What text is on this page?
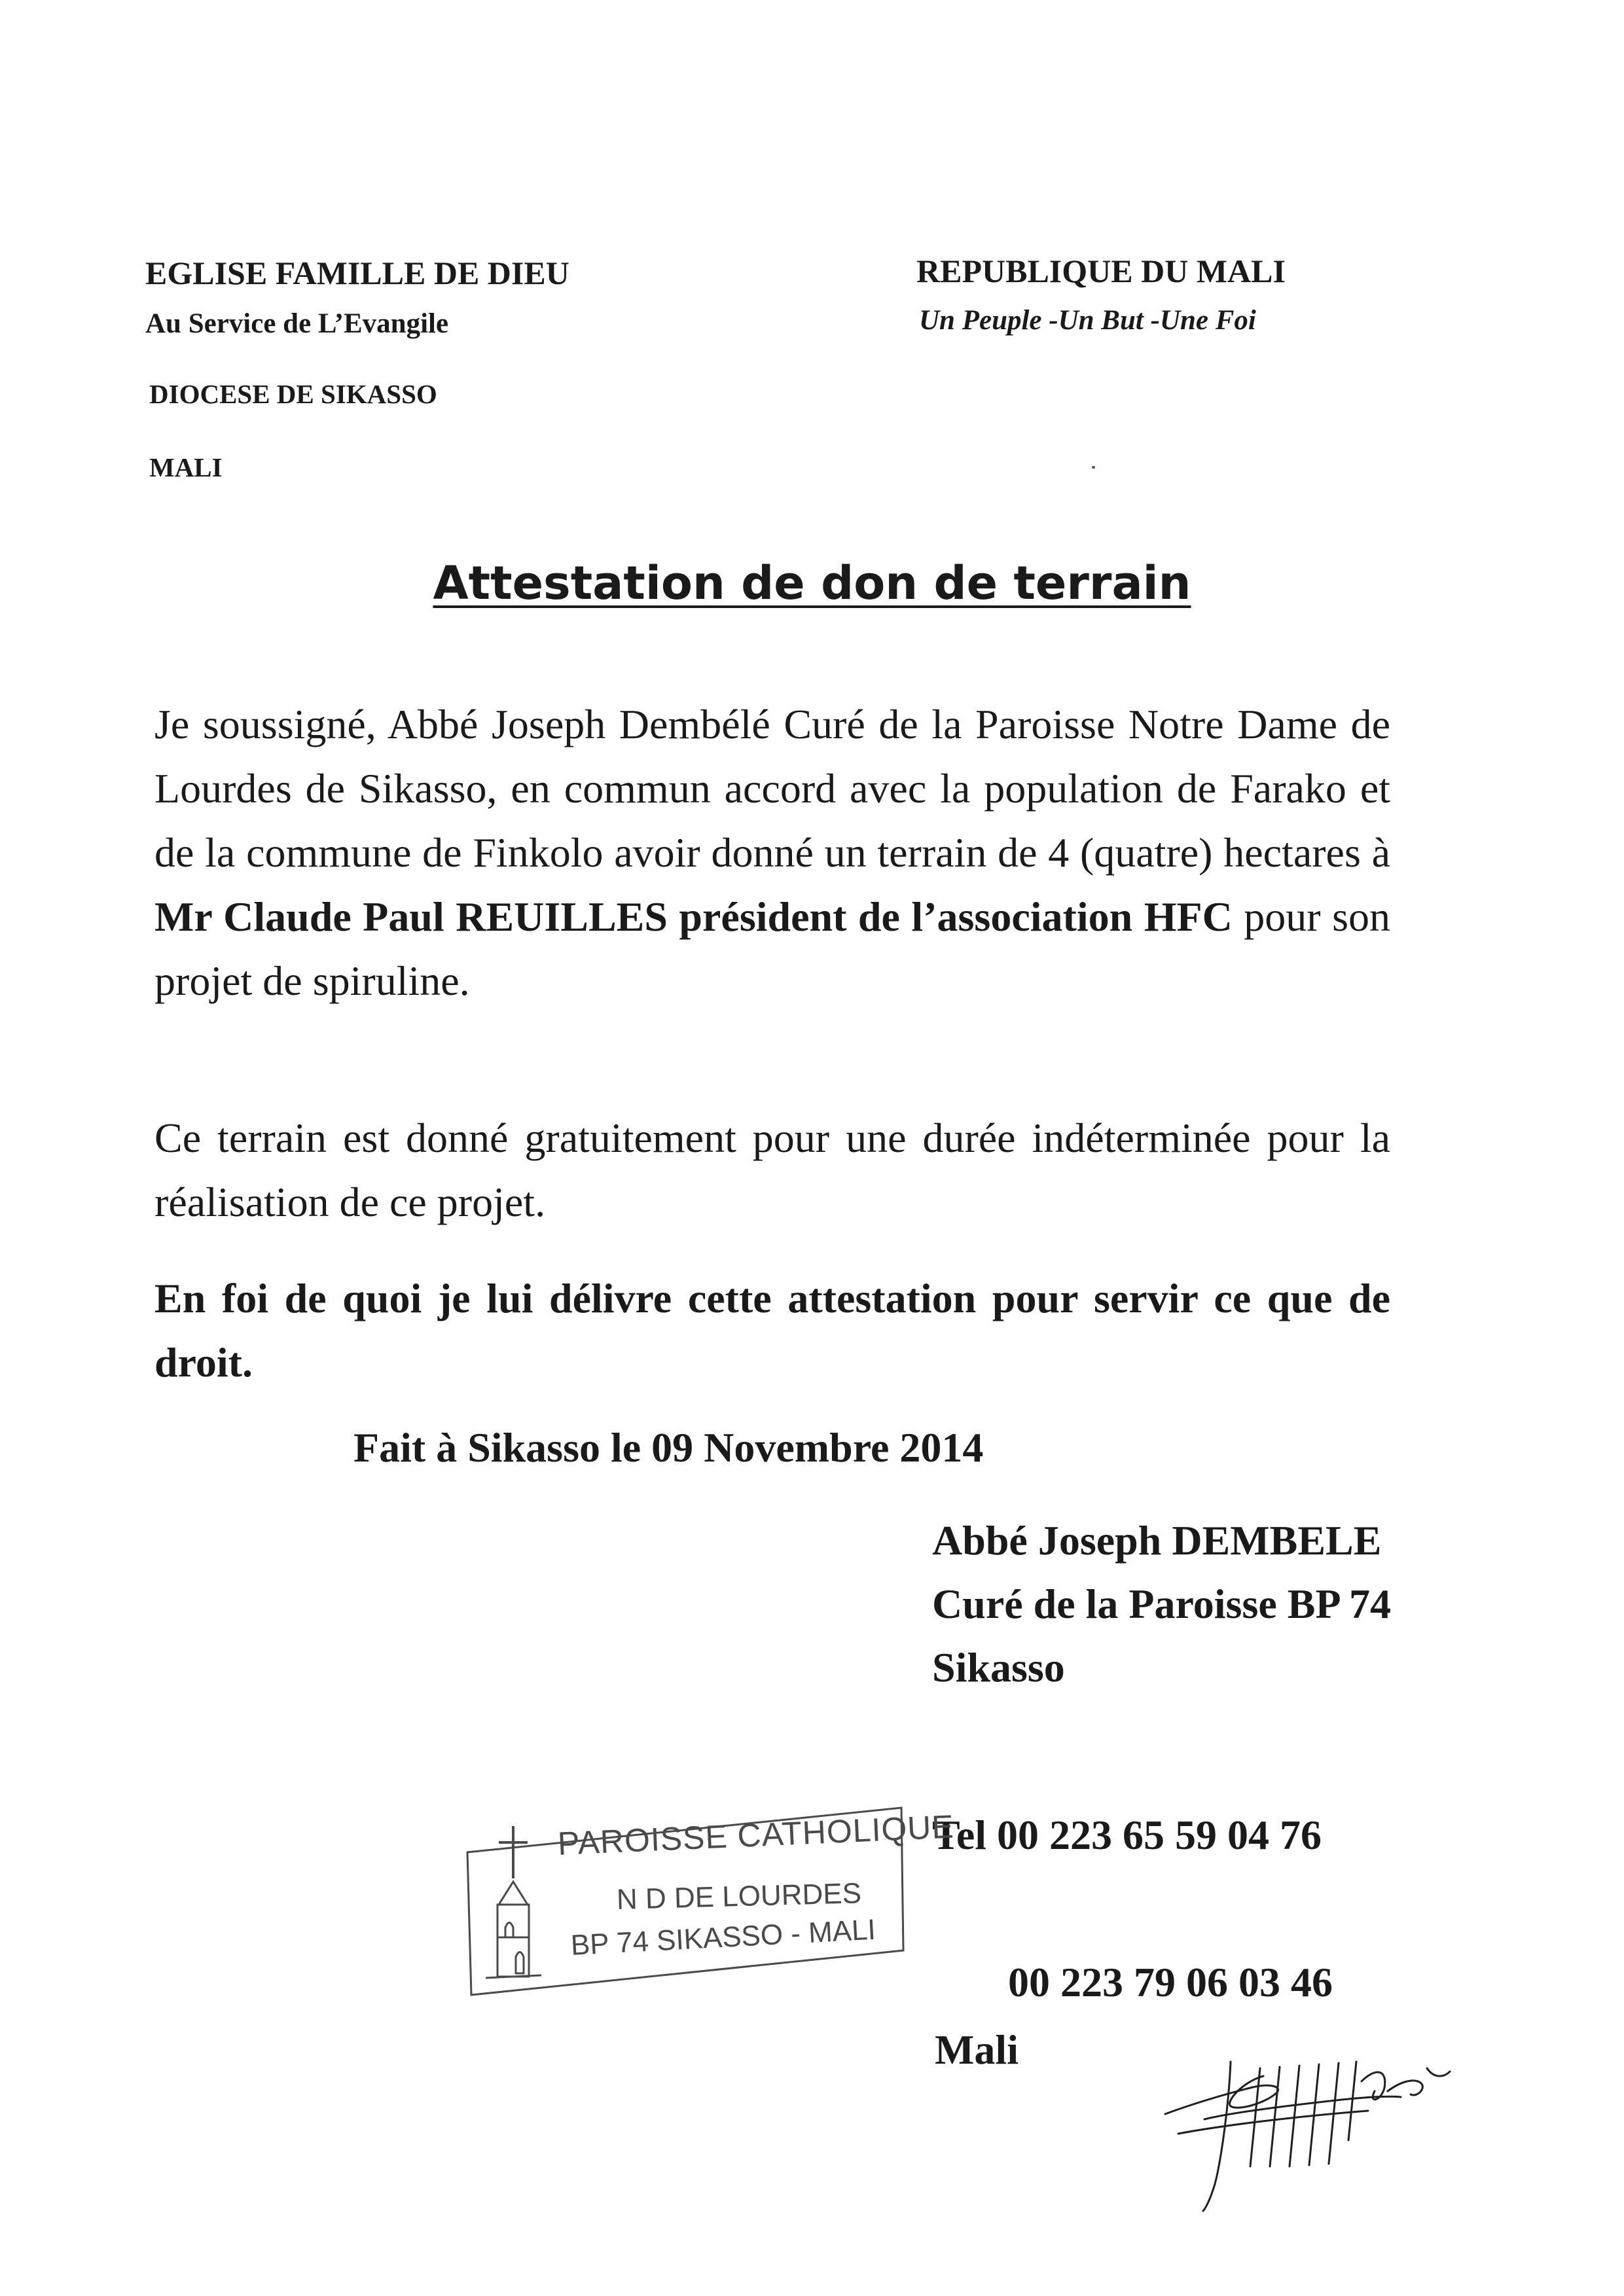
EGLISE FAMILLE DE DIEU
Au Service de L’Evangile
DIOCESE DE SIKASSO
MALI
REPUBLIQUE DU MALI
Un Peuple -Un But -Une Foi
Attestation de don de terrain
Je soussigné, Abbé Joseph Dembélé Curé de la Paroisse Notre Dame de Lourdes de Sikasso, en commun accord avec la population de Farako et de la commune de Finkolo avoir donné un terrain de 4 (quatre) hectares à Mr Claude Paul REUILLES président de l’association HFC pour son projet de spiruline.
Ce terrain est donné gratuitement pour une durée indéterminée pour la réalisation de ce projet.
En foi de quoi je lui délivre cette attestation pour servir ce que de droit.
Fait à Sikasso le 09 Novembre 2014
Abbé Joseph DEMBELE Curé de la Paroisse BP 74 Sikasso
Tel 00 223 65 59 04 76
00 223 79 06 03 46
Mali
PAROISSE CATHOLIQUE
N D DE LOURDES
BP 74 SIKASSO - MALI
